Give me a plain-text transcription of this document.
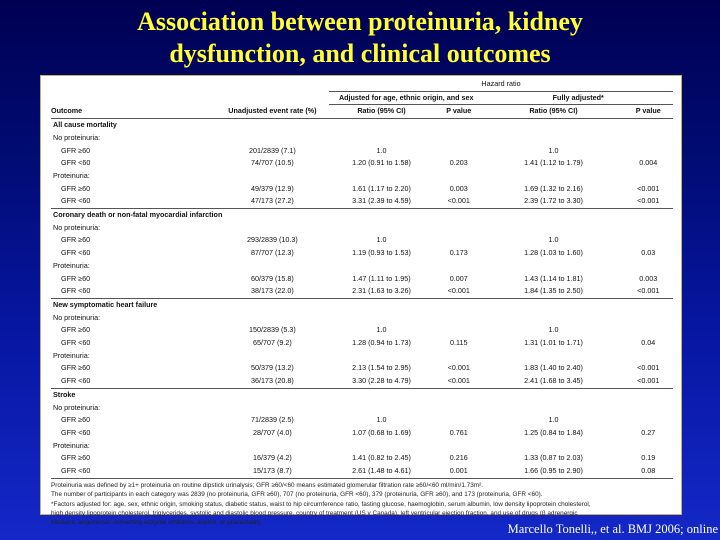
Association between proteinuria, kidney
dysfunction, and clinical outcomes
		Hazard ratio			
		Adjusted for age, ethnic origin, and sex		Fully adjusted*	
Outcome	Unadjusted event rate (%)	Ratio (95% CI)	P value	Ratio (95% CI)	P value
All cause mortality					
No proteinuria:					
GFR ≥60	201/2839 (7.1)	1.0		1.0	
GFR <60	74/707 (10.5)	1.20 (0.91 to 1.58)	0.203	1.41 (1.12 to 1.79)	0.004
Proteinuria:					
GFR ≥60	49/379 (12.9)	1.61 (1.17 to 2.20)	0.003	1.69 (1.32 to 2.16)	<0.001
GFR <60	47/173 (27.2)	3.31 (2.39 to 4.59)	<0.001	2.39 (1.72 to 3.30)	<0.001
Coronary death or non-fatal myocardial infarction					
No proteinuria:					
GFR ≥60	293/2839 (10.3)	1.0		1.0	
GFR <60	87/707 (12.3)	1.19 (0.93 to 1.53)	0.173	1.28 (1.03 to 1.60)	0.03
Proteinuria:					
GFR ≥60	60/379 (15.8)	1.47 (1.11 to 1.95)	0.007	1.43 (1.14 to 1.81)	0.003
GFR <60	38/173 (22.0)	2.31 (1.63 to 3.26)	<0.001	1.84 (1.35 to 2.50)	<0.001
New symptomatic heart failure					
No proteinuria:					
GFR ≥60	150/2839 (5.3)	1.0		1.0	
GFR <60	65/707 (9.2)	1.28 (0.94 to 1.73)	0.115	1.31 (1.01 to 1.71)	0.04
Proteinuria:					
GFR ≥60	50/379 (13.2)	2.13 (1.54 to 2.95)	<0.001	1.83 (1.40 to 2.40)	<0.001
GFR <60	36/173 (20.8)	3.30 (2.28 to 4.79)	<0.001	2.41 (1.68 to 3.45)	<0.001
Stroke					
No proteinuria:					
GFR ≥60	71/2839 (2.5)	1.0		1.0	
GFR <60	28/707 (4.0)	1.07 (0.68 to 1.69)	0.761	1.25 (0.84 to 1.84)	0.27
Proteinuria:					
GFR ≥60	16/379 (4.2)	1.41 (0.82 to 2.45)	0.216	1.33 (0.87 to 2.03)	0.19
GFR <60	15/173 (8.7)	2.61 (1.48 to 4.61)	0.001	1.66 (0.95 to 2.90)	0.08
Proteinuria was defined by ≥1+ proteinuria on routine dipstick urinalysis; GFR ≥60/<60 means estimated glomerular filtration rate ≥60/<60 ml/min/1.73m².
The number of participants in each category was 2839 (no proteinuria, GFR ≥60), 707 (no proteinuria, GFR <60), 379 (proteinuria, GFR ≥60), and 173 (proteinuria, GFR <60).
*Factors adjusted for: age, sex, ethnic origin, smoking status, diabetic status, waist to hip circumference ratio, fasting glucose, haemoglobin, serum albumin, low density lipoprotein cholesterol,
high density lipoprotein cholesterol, triglycerides, systolic and diastolic blood pressure, country of treatment (US v Canada), left ventricular ejection fraction, and use of drugs (β adrenergic
blockers, angiotensin converting enzyme inhibitors, aspirin, or pravastatin).	Marcello Tonelli,, et al. BMJ 2006; online
